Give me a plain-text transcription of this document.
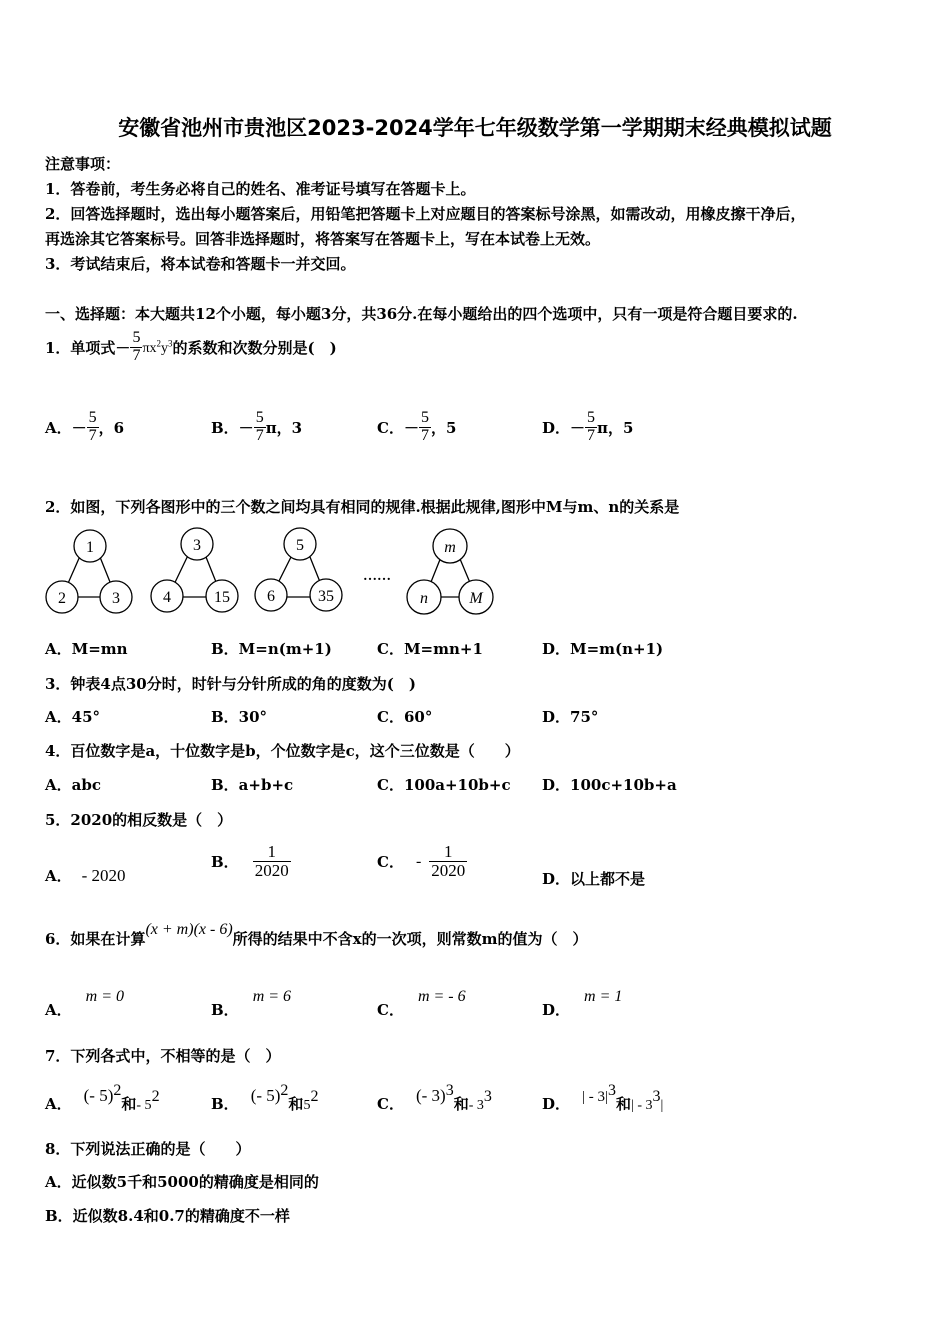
安徽省池州市贵池区2023-2024学年七年级数学第一学期期末经典模拟试题
注意事项：
1．答卷前，考生务必将自己的姓名、准考证号填写在答题卡上。
2．回答选择题时，选出每小题答案后，用铅笔把答题卡上对应题目的答案标号涂黑，如需改动，用橡皮擦干净后，
再选涂其它答案标号。回答非选择题时，将答案写在答题卡上，写在本试卷上无效。
3．考试结束后，将本试卷和答题卡一并交回。
一、选择题：本大题共12个小题，每小题3分，共36分.在每小题给出的四个选项中，只有一项是符合题目要求的.
1．单项式－ $\frac{5}{7} \pi x^2y^3$的系数和次数分别是(　)
A．－ $\frac{5}{7}$ ，6	B．－ $\frac{5}{7}$ π，3	C．－ $\frac{5}{7}$ ，5	D．－ $\frac{5}{7}$ π，5
2．如图，下列各图形中的三个数之间均具有相同的规律.根据此规律,图形中M与m、n的关系是
1
2	3
3
4	15
5
6	35
m
n	M
……
A．M=mn	B．M=n(m+1)	C．M=mn+1	D．M=m(n+1)
3．钟表4点30分时，时针与分针所成的角的度数为(　)
A．45°	B．30°	C．60°	D．75°
4．百位数字是a，十位数字是b，个位数字是c，这个三位数是（　　）
A．abc	B．a+b+c	C．100a+10b+c D．100c+10b+a
5．2020的相反数是（　）
A． - 2020
B． $\frac{1}{2020}$	C． - $\frac{1}{2020}$	D．以上都不是
6．如果在计算(x + m)(x - 6)所得的结果中不含x的一次项，则常数m的值为（　）
A．m = 0
B．m = 6
C．m = - 6
D．m = 1
7．下列各式中，不相等的是（　）
A． (- 5)$^2$和- $5^2$	B． (- 5)$^2$和$5^2$	C． (- 3)$^3$和- $3^3$	D． | - $3|^3$和| - $3^3|$
8．下列说法正确的是（　　）
A．近似数5千和5000的精确度是相同的
B．近似数8.4和0.7的精确度不一样
